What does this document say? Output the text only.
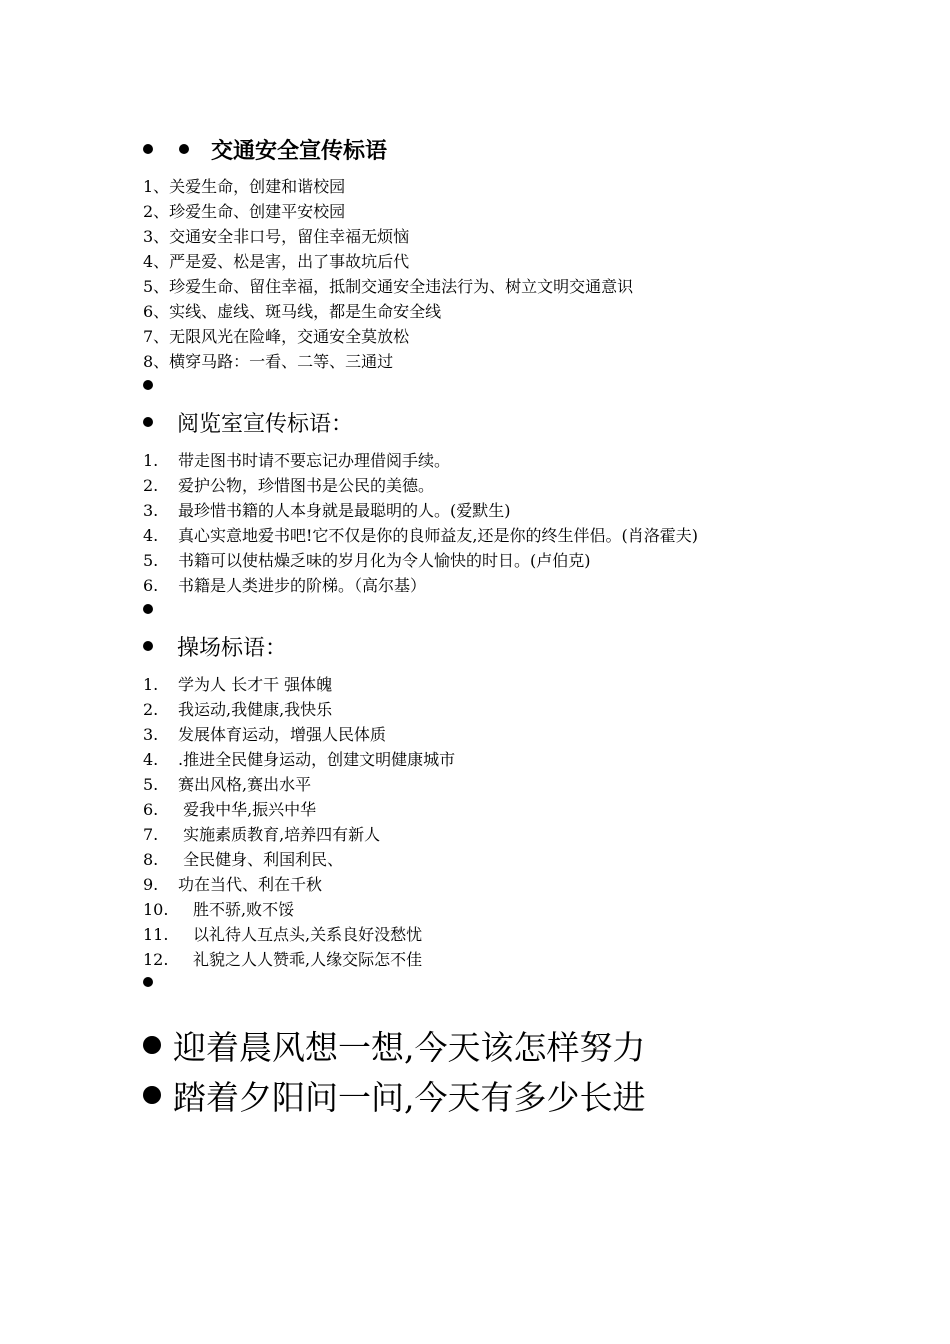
交通安全宣传标语
1、关爱生命，创建和谐校园
2、珍爱生命、创建平安校园
3、交通安全非口号，留住幸福无烦恼
4、严是爱、松是害，出了事故坑后代
5、珍爱生命、留住幸福，抵制交通安全违法行为、树立文明交通意识
6、实线、虚线、斑马线，都是生命安全线
7、无限风光在险峰，交通安全莫放松
8、横穿马路：一看、二等、三通过
阅览室宣传标语：
1.	带走图书时请不要忘记办理借阅手续。
2.	爱护公物，珍惜图书是公民的美德。
3.	最珍惜书籍的人本身就是最聪明的人。(爱默生)
4.	真心实意地爱书吧!它不仅是你的良师益友,还是你的终生伴侣。(肖洛霍夫)
5.	书籍可以使枯燥乏味的岁月化为令人愉快的时日。(卢伯克)
6.	书籍是人类进步的阶梯。（高尔基）
操场标语：
1.	学为人 长才干 强体魄
2.	我运动,我健康,我快乐
3.	发展体育运动，增强人民体质
4.	.推进全民健身运动，创建文明健康城市
5.	赛出风格,赛出水平
6.	爱我中华,振兴中华
7.	实施素质教育,培养四有新人
8.	全民健身、利国利民、
9.	功在当代、利在千秋
10.	胜不骄,败不馁
11.	以礼待人互点头,关系良好没愁忧
12.	礼貌之人人赞乖,人缘交际怎不佳
迎着晨风想一想,今天该怎样努力
踏着夕阳问一问,今天有多少长进
